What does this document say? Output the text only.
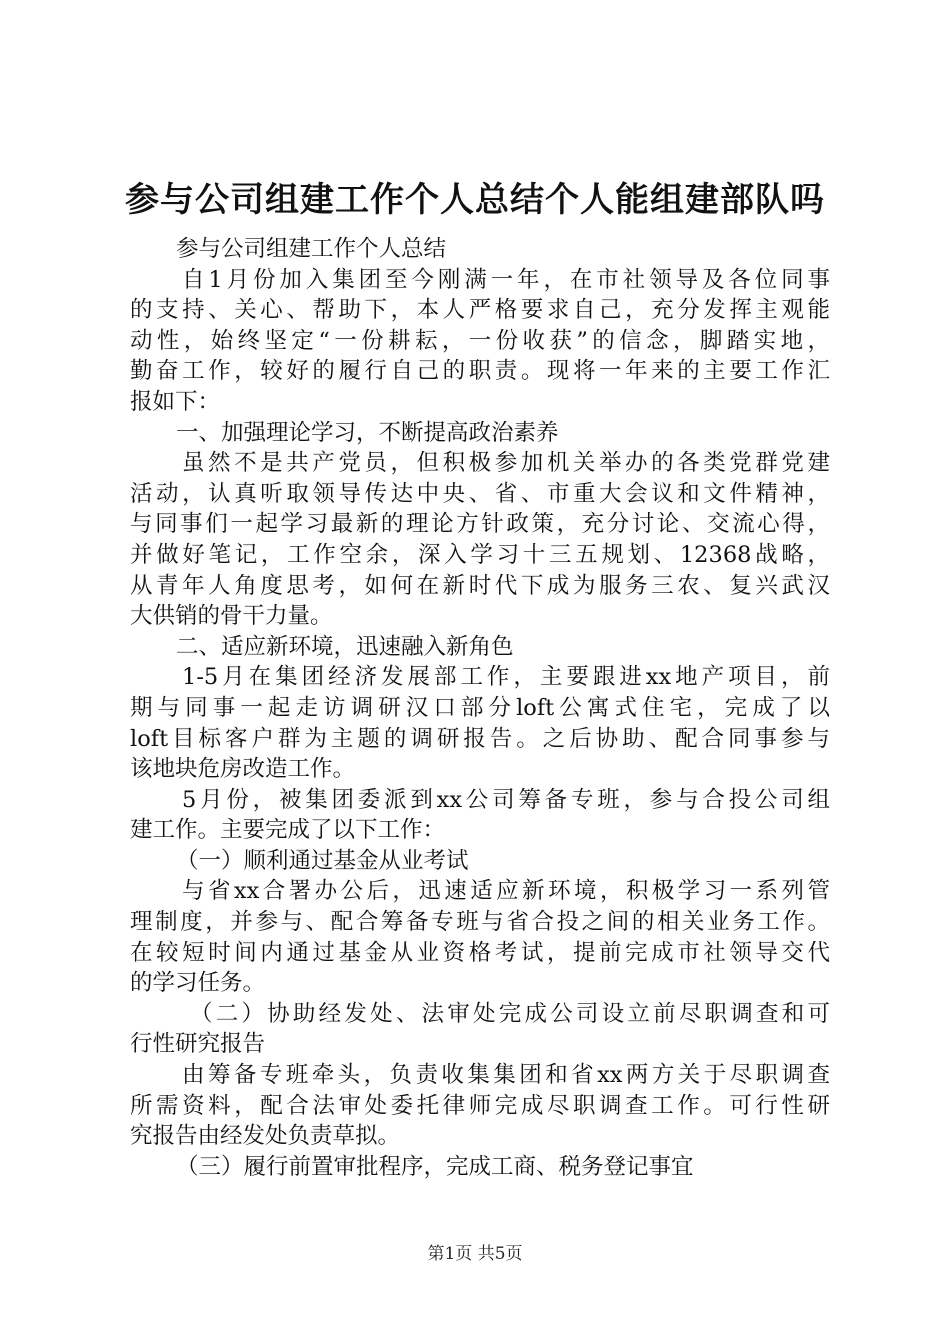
参与公司组建工作个人总结个人能组建部队吗
参与公司组建工作个人总结
自1月份加入集团至今刚满一年，在市社领导及各位同事
的支持、关心、帮助下，本人严格要求自己，充分发挥主观能
动性，始终坚定“一份耕耘，一份收获”的信念，脚踏实地，
勤奋工作，较好的履行自己的职责。现将一年来的主要工作汇
报如下：
一、加强理论学习，不断提高政治素养
虽然不是共产党员，但积极参加机关举办的各类党群党建
活动，认真听取领导传达中央、省、市重大会议和文件精神，
与同事们一起学习最新的理论方针政策，充分讨论、交流心得，
并做好笔记，工作空余，深入学习十三五规划、12368战略，
从青年人角度思考，如何在新时代下成为服务三农、复兴武汉
大供销的骨干力量。
二、适应新环境，迅速融入新角色
1-5月在集团经济发展部工作，主要跟进xx地产项目，前
期与同事一起走访调研汉口部分loft公寓式住宅，完成了以
loft目标客户群为主题的调研报告。之后协助、配合同事参与
该地块危房改造工作。
5月份，被集团委派到xx公司筹备专班，参与合投公司组
建工作。主要完成了以下工作：
（一）顺利通过基金从业考试
与省xx合署办公后，迅速适应新环境，积极学习一系列管
理制度，并参与、配合筹备专班与省合投之间的相关业务工作。
在较短时间内通过基金从业资格考试，提前完成市社领导交代
的学习任务。
（二）协助经发处、法审处完成公司设立前尽职调查和可
行性研究报告
由筹备专班牵头，负责收集集团和省xx两方关于尽职调查
所需资料，配合法审处委托律师完成尽职调查工作。可行性研
究报告由经发处负责草拟。
（三）履行前置审批程序，完成工商、税务登记事宜
第1页 共5页
